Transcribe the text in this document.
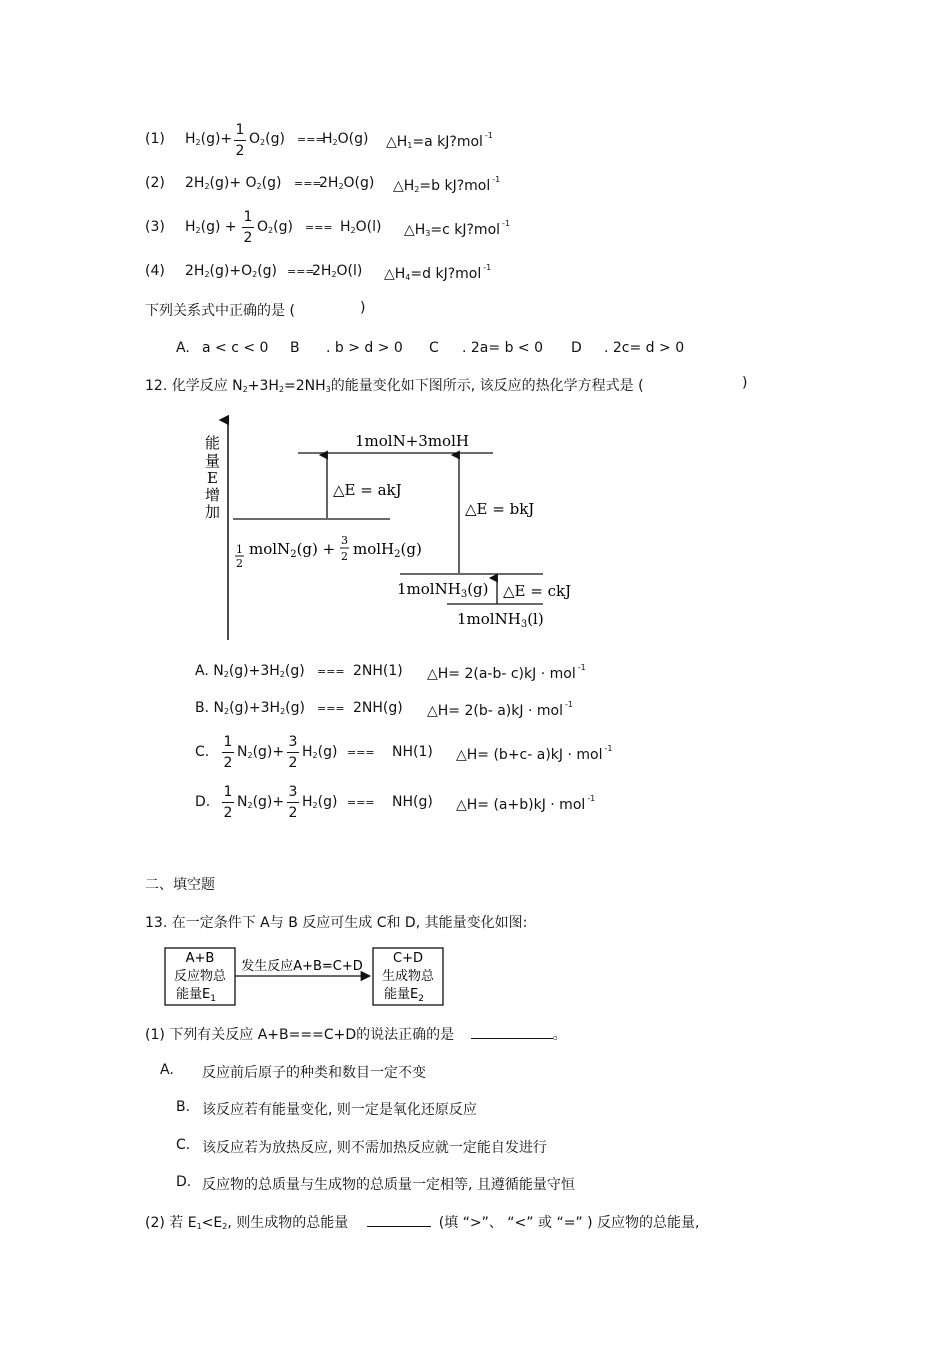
(1) $H_2(g)+$
1
2
$O_2(g)$ ===
$H_2O(g)$ $\triangle H_1=a$ kJ?mol $^{-1}$
(2) $2H_2(g)+ O_2(g)$ ===
$2H_2O(g)$ $\triangle H_2=b$ kJ?mol $^{-1}$
(3) $H_2(g)$ +
1
2
$O_2(g)$ === $H_2O(l)$ $\triangle H_3=c$ kJ?mol $^{-1}$
(4) $2H_2(g)+O_2(g)$ ===
$2H_2O(l)$ $\triangle H_4=d$ kJ?mol $^{-1}$
下列关系式中正确的是 (	)
A. a < c < 0 B . b > d > 0 C . 2a= b < 0 D . 2c= d > 0
12. 化学反应 $N_2+3H_2=2NH_3$的能量变化如下图所示, 该反应的热化学方程式是 (	)
能
量
E
增
加
1molN+3molH
1
2
molN$_2$(g) + 3
2 molH$_2$(g)
△E = akJ
△E = bkJ
1molNH$_3$(g) △E = ckJ
1molNH$_3$(l)
A. $N_2(g)+3H_2(g)$ === 2NH(1) △H= 2(a-b- c)kJ · mol $^{-1}$
B. $N_2(g)+3H_2(g)$ === 2NH(g) △H= 2(b- a)kJ · mol $^{-1}$
C.
1
2
$N_2(g)+$
3
2
$H_2(g)$ === NH(1) △H= (b+c- a)kJ · mol $^{-1}$
D.
1
2
$N_2(g)+$
3
2
$H_2(g)$ === NH(g) △H= (a+b)kJ · mol $^{-1}$
二、填空题
13. 在一定条件下 A与 B 反应可生成 C和 D, 其能量变化如图:
A+B
反应物总
能量$E_1$
发生反应A+B=C+D
C+D
生成物总
能量$E_2$
(1) 下列有关反应 A+B===C+D的说法正确的是	。
A. 反应前后原子的种类和数目一定不变
B. 该反应若有能量变化, 则一定是氧化还原反应
C. 该反应若为放热反应, 则不需加热反应就一定能自发进行
D. 反应物的总质量与生成物的总质量一定相等, 且遵循能量守恒
(2) 若 $E_1<E_2$, 则生成物的总能量	(填 “>”、 “<” 或 “=” ) 反应物的总能量,
